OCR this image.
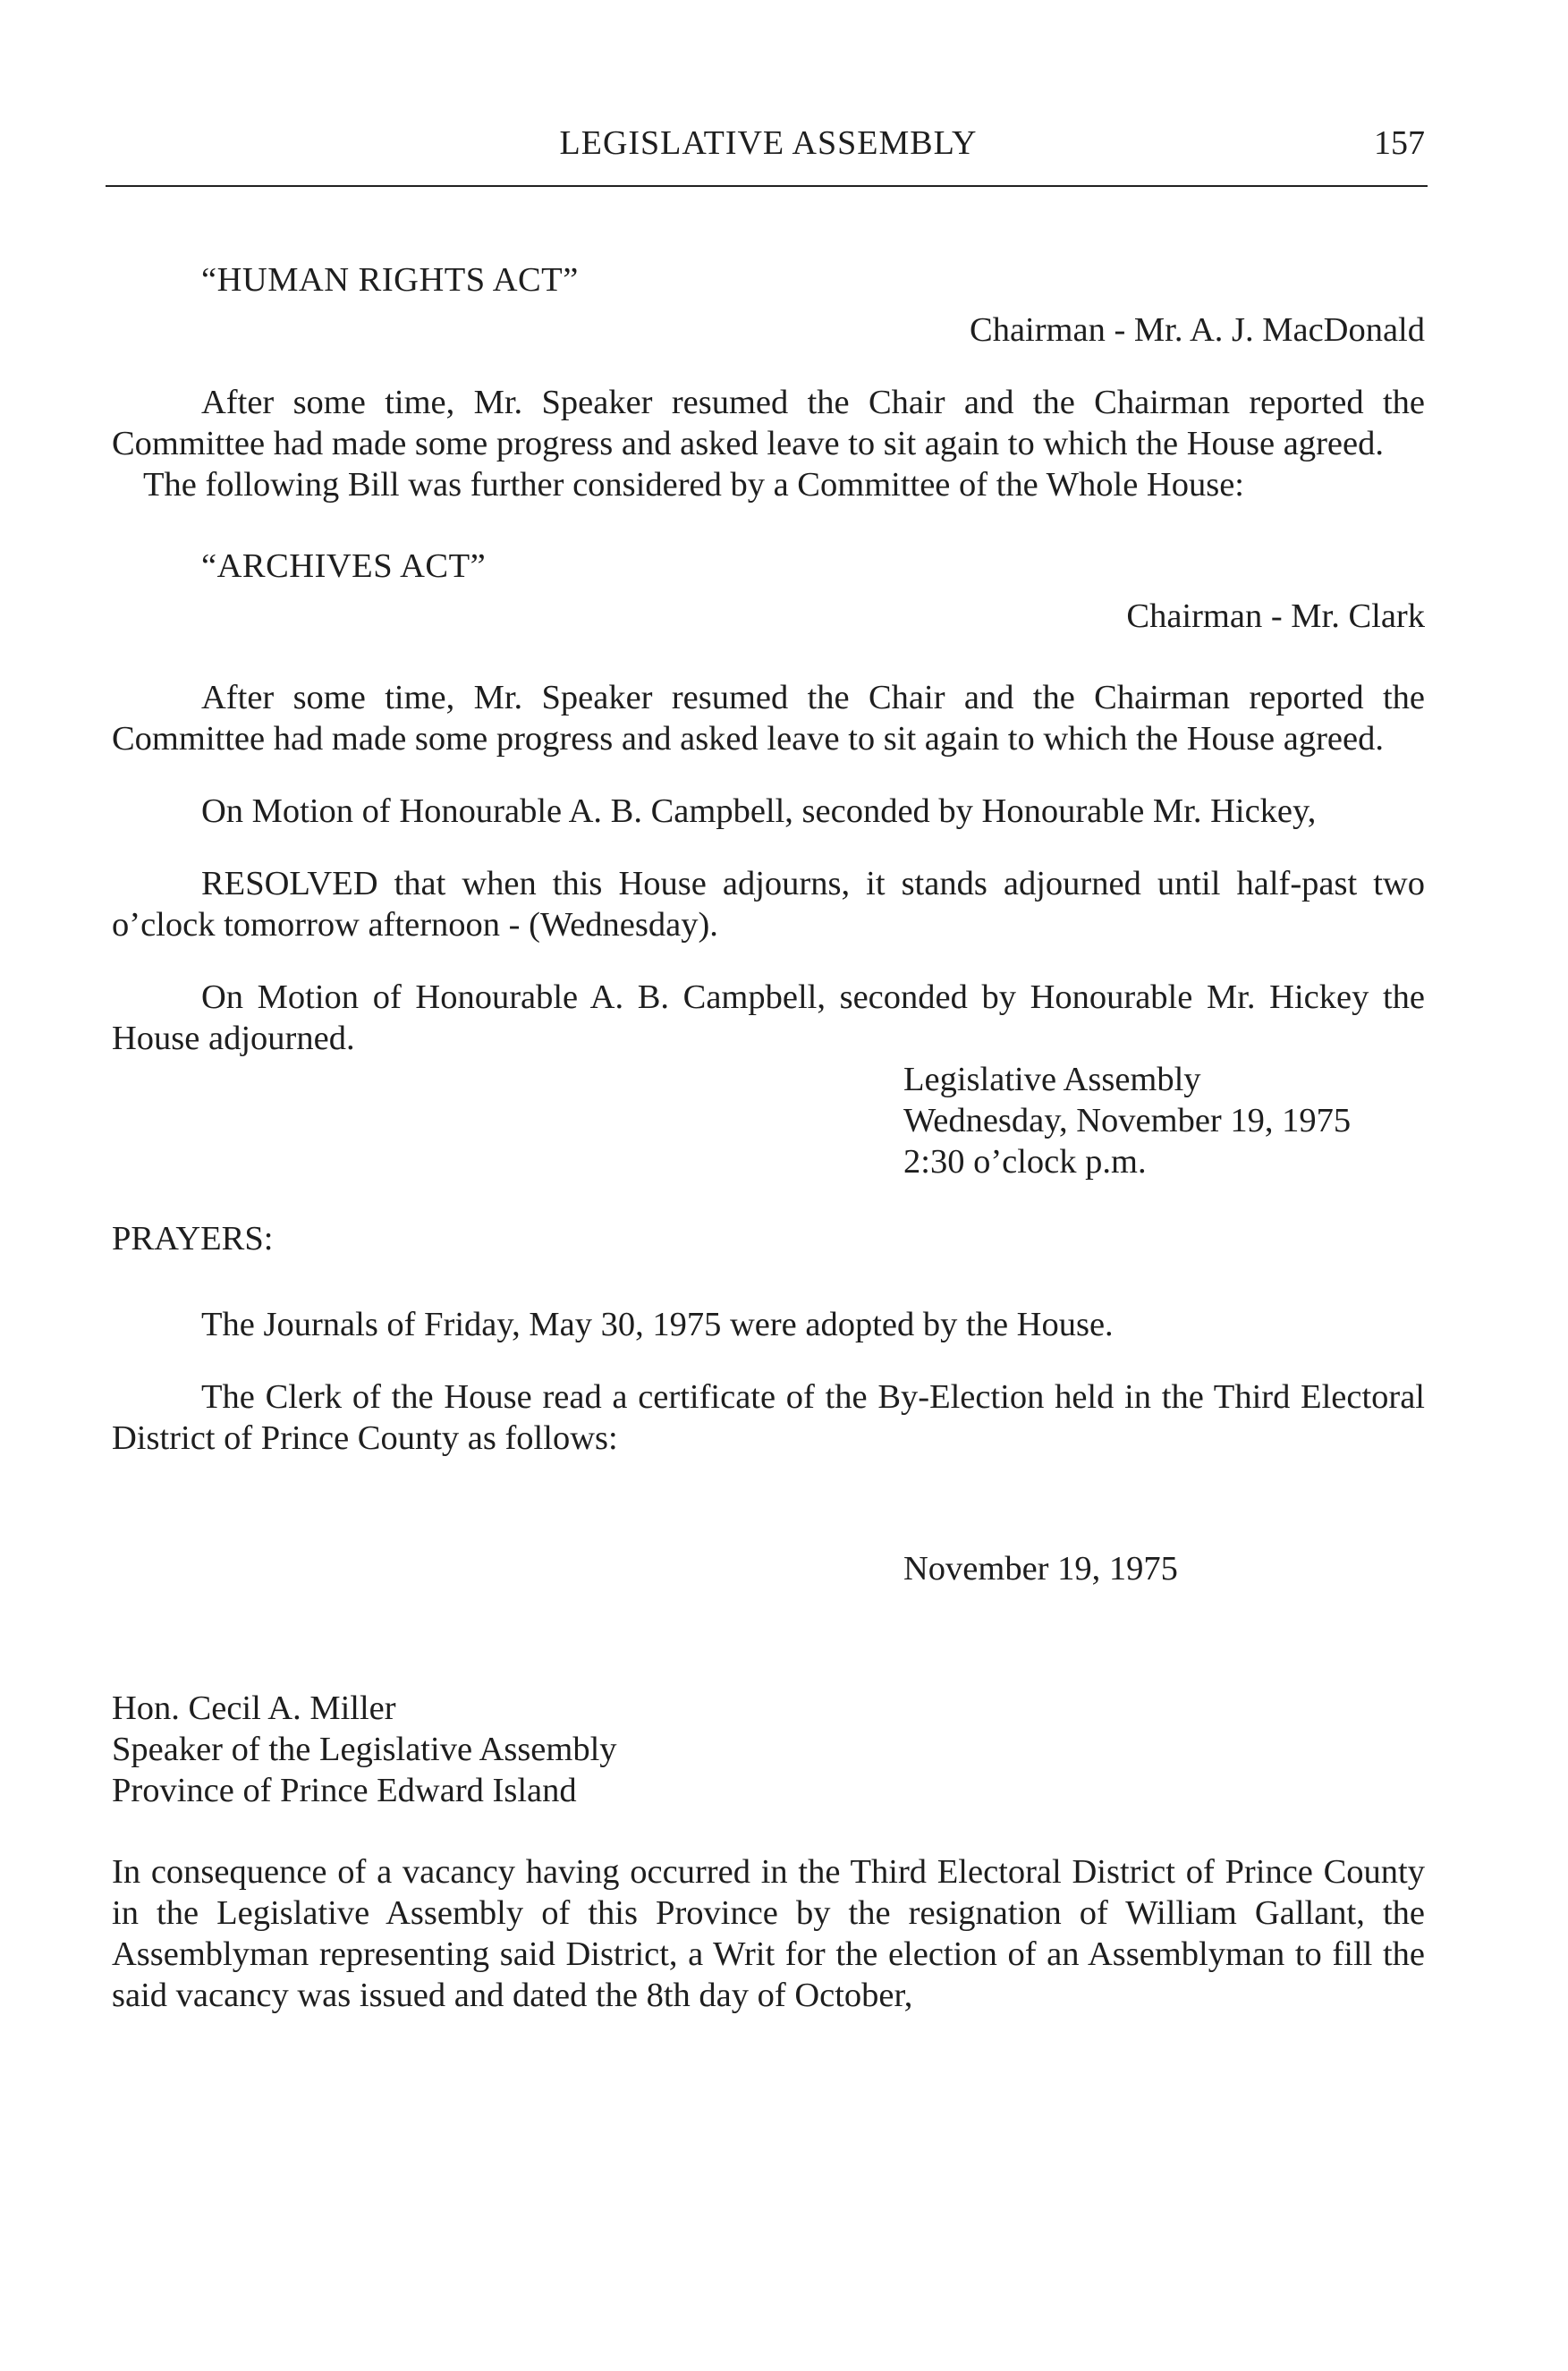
LEGISLATIVE ASSEMBLY	157

“HUMAN RIGHTS ACT”

Chairman - Mr. A. J. MacDonald

After some time, Mr. Speaker resumed the Chair and the Chairman reported the Committee had made some progress and asked leave to sit again to which the House agreed.

The following Bill was further considered by a Committee of the Whole House:

“ARCHIVES ACT”

Chairman - Mr. Clark

After some time, Mr. Speaker resumed the Chair and the Chairman reported the Committee had made some progress and asked leave to sit again to which the House agreed.

On Motion of Honourable A. B. Campbell, seconded by Honourable Mr. Hickey,

RESOLVED that when this House adjourns, it stands adjourned until half-past two o’clock tomorrow afternoon - (Wednesday).

On Motion of Honourable A. B. Campbell, seconded by Honourable Mr. Hickey the House adjourned.

Legislative Assembly
Wednesday, November 19, 1975
2:30 o’clock p.m.

PRAYERS:

The Journals of Friday, May 30, 1975 were adopted by the House.

The Clerk of the House read a certificate of the By-Election held in the Third Electoral District of Prince County as follows:

November 19, 1975

Hon. Cecil A. Miller
Speaker of the Legislative Assembly
Province of Prince Edward Island

In consequence of a vacancy having occurred in the Third Electoral District of Prince County in the Legislative Assembly of this Province by the resignation of William Gallant, the Assemblyman representing said District, a Writ for the election of an Assemblyman to fill the said vacancy was issued and dated the 8th day of October,
